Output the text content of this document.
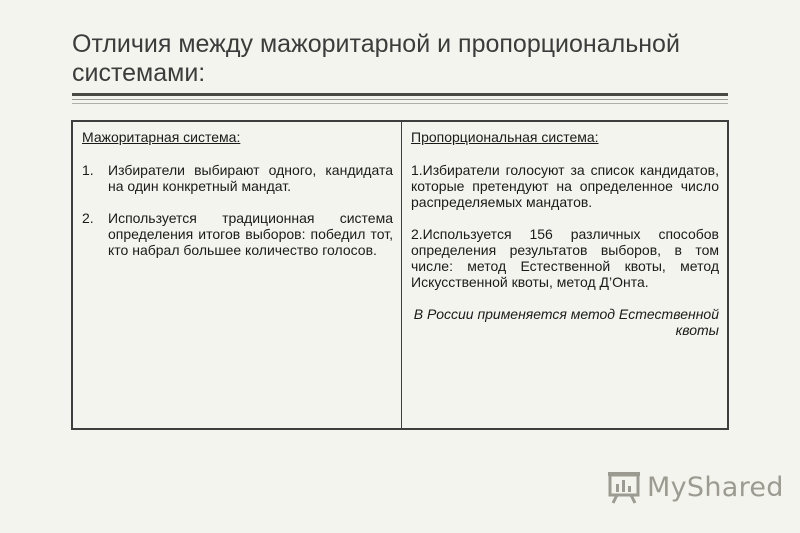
Отличия между мажоритарной и пропорциональной системами:
Мажоритарная система:
1.	Избиратели выбирают одного, кандидата на один конкретный мандат.
2.	Используется традиционная система определения итогов выборов: победил тот, кто набрал большее количество голосов.
Пропорциональная система:
1.Избиратели голосуют за список кандидатов, которые претендуют на определенное число распределяемых мандатов.
2.Используется 156 различных способов определения результатов выборов, в том числе: метод Естественной квоты, метод Искусственной квоты, метод Д’Онта.
В России применяется метод Естественной квоты
MyShared
